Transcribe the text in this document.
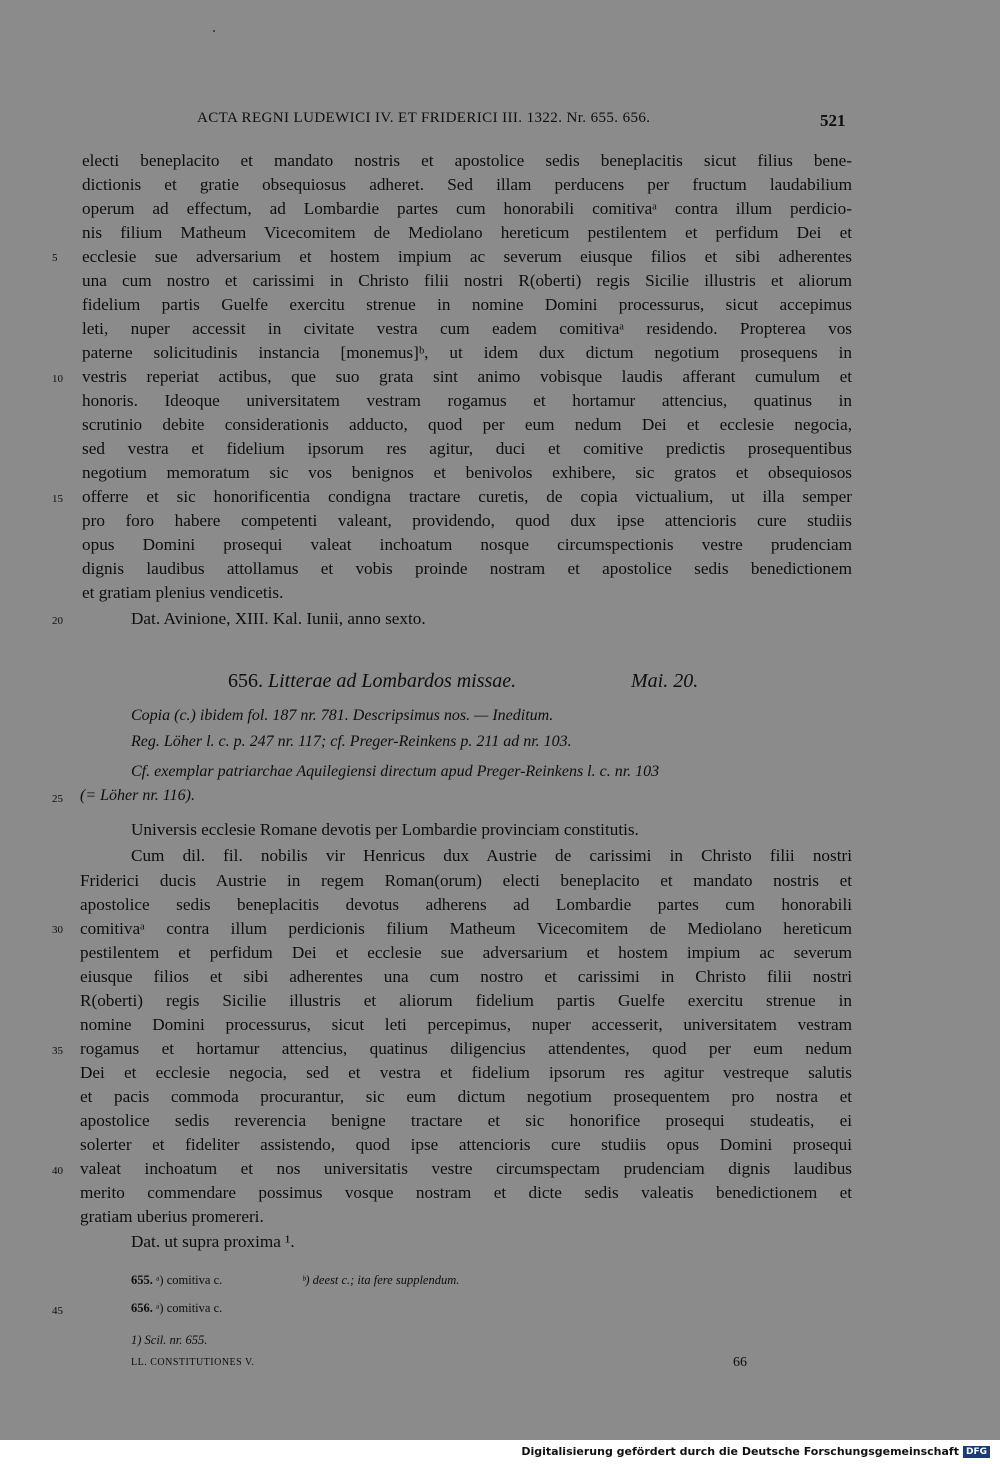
ACTA REGNI LUDEWICI IV. ET FRIDERICI III. 1322. Nr. 655. 656.	521
electi beneplacito et mandato nostris et apostolice sedis beneplacitis sicut filius bene-
dictionis et gratie obsequiosus adheret. Sed illam perducens per fructum laudabilium
operum ad effectum, ad Lombardie partes cum honorabili comitivaᵃ contra illum perdicio-
nis filium Matheum Vicecomitem de Mediolano hereticum pestilentem et perfidum Dei et
ecclesie sue adversarium et hostem impium ac severum eiusque filios et sibi adherentes
una cum nostro et carissimi in Christo filii nostri R(oberti) regis Sicilie illustris et aliorum
fidelium partis Guelfe exercitu strenue in nomine Domini processurus, sicut accepimus
leti, nuper accessit in civitate vestra cum eadem comitivaᵃ residendo. Propterea vos
paterne solicitudinis instancia [monemus]ᵇ, ut idem dux dictum negotium prosequens in
vestris reperiat actibus, que suo grata sint animo vobisque laudis afferant cumulum et
honoris. Ideoque universitatem vestram rogamus et hortamur attencius, quatinus in
scrutinio debite considerationis adducto, quod per eum nedum Dei et ecclesie negocia,
sed vestra et fidelium ipsorum res agitur, duci et comitive predictis prosequentibus
negotium memoratum sic vos benignos et benivolos exhibere, sic gratos et obsequiosos
offerre et sic honorificentia condigna tractare curetis, de copia victualium, ut illa semper
pro foro habere competenti valeant, providendo, quod dux ipse attencioris cure studiis
opus Domini prosequi valeat inchoatum nosque circumspectionis vestre prudenciam
dignis laudibus attollamus et vobis proinde nostram et apostolice sedis benedictionem
et gratiam plenius vendicetis.
Dat. Avinione, XIII. Kal. Iunii, anno sexto.
5
10
15
20
25
30
35
40
45
656. Litterae ad Lombardos missae.	Mai. 20.
Copia (c.) ibidem fol. 187 nr. 781. Descripsimus nos. — Ineditum.
Reg. Löher l. c. p. 247 nr. 117; cf. Preger-Reinkens p. 211 ad nr. 103.
Cf. exemplar patriarchae Aquilegiensi directum apud Preger-Reinkens l. c. nr. 103
(= Löher nr. 116).
Universis ecclesie Romane devotis per Lombardie provinciam constitutis.
Cum dil. fil. nobilis vir Henricus dux Austrie de carissimi in Christo filii nostri
Friderici ducis Austrie in regem Roman(orum) electi beneplacito et mandato nostris et
apostolice sedis beneplacitis devotus adherens ad Lombardie partes cum honorabili
comitivaᵃ contra illum perdicionis filium Matheum Vicecomitem de Mediolano hereticum
pestilentem et perfidum Dei et ecclesie sue adversarium et hostem impium ac severum
eiusque filios et sibi adherentes una cum nostro et carissimi in Christo filii nostri
R(oberti) regis Sicilie illustris et aliorum fidelium partis Guelfe exercitu strenue in
nomine Domini processurus, sicut leti percepimus, nuper accesserit, universitatem vestram
rogamus et hortamur attencius, quatinus diligencius attendentes, quod per eum nedum
Dei et ecclesie negocia, sed et vestra et fidelium ipsorum res agitur vestreque salutis
et pacis commoda procurantur, sic eum dictum negotium prosequentem pro nostra et
apostolice sedis reverencia benigne tractare et sic honorifice prosequi studeatis, ei
solerter et fideliter assistendo, quod ipse attencioris cure studiis opus Domini prosequi
valeat inchoatum et nos universitatis vestre circumspectam prudenciam dignis laudibus
merito commendare possimus vosque nostram et dicte sedis valeatis benedictionem et
gratiam uberius promereri.
Dat. ut supra proxima ¹.
655. ᵃ) comitiva c.	ᵇ) deest c.; ita fere supplendum.
656. ᵃ) comitiva c.
1) Scil. nr. 655.
LL. CONSTITUTIONES V.	66
Digitalisierung gefördert durch die Deutsche Forschungsgemeinschaft DFG
